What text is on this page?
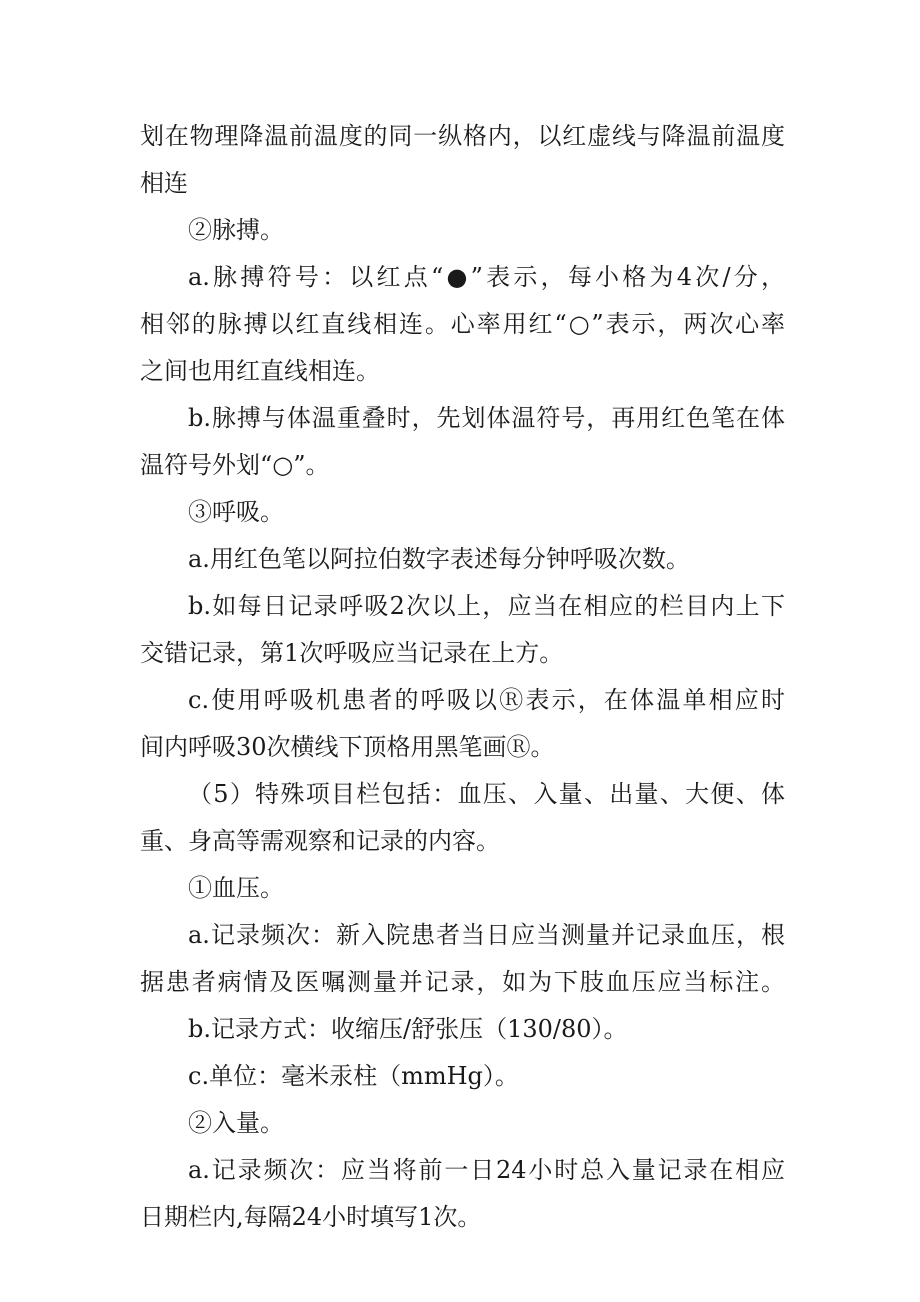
划在物理降温前温度的同一纵格内，以红虚线与降温前温度
相连
②脉搏。
a.脉搏符号：以红点“●”表示，每小格为4次/分，
相邻的脉搏以红直线相连。心率用红“○”表示，两次心率
之间也用红直线相连。
b.脉搏与体温重叠时，先划体温符号，再用红色笔在体
温符号外划“○”。
③呼吸。
a.用红色笔以阿拉伯数字表述每分钟呼吸次数。
b.如每日记录呼吸2次以上，应当在相应的栏目内上下
交错记录，第1次呼吸应当记录在上方。
c.使用呼吸机患者的呼吸以Ⓡ表示，在体温单相应时
间内呼吸30次横线下顶格用黑笔画Ⓡ。
（5）特殊项目栏包括：血压、入量、出量、大便、体
重、身高等需观察和记录的内容。
①血压。
a.记录频次：新入院患者当日应当测量并记录血压，根
据患者病情及医嘱测量并记录，如为下肢血压应当标注。
b.记录方式：收缩压/舒张压（130/80）。
c.单位：毫米汞柱（mmHg）。
②入量。
a.记录频次：应当将前一日24小时总入量记录在相应
日期栏内,每隔24小时填写1次。
